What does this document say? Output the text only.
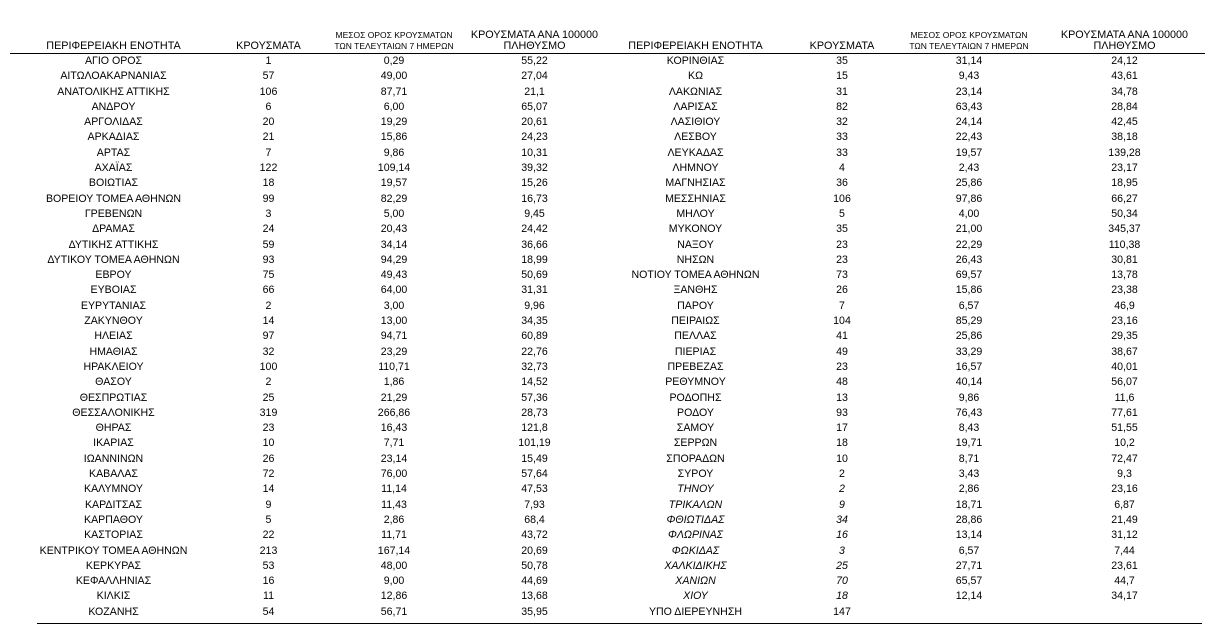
ΠΕΡΙΦΕΡΕΙΑΚΗ ΕΝΟΤΗΤΑ	ΚΡΟΥΣΜΑΤΑ	ΜΕΣΟΣ ΟΡΟΣ ΚΡΟΥΣΜΑΤΩΝ
ΤΩΝ ΤΕΛΕΥΤΑΙΩΝ 7 ΗΜΕΡΩΝ	ΚΡΟΥΣΜΑΤΑ ΑΝΑ 100000
ΠΛΗΘΥΣΜΟ	ΠΕΡΙΦΕΡΕΙΑΚΗ ΕΝΟΤΗΤΑ	ΚΡΟΥΣΜΑΤΑ	ΜΕΣΟΣ ΟΡΟΣ ΚΡΟΥΣΜΑΤΩΝ
ΤΩΝ ΤΕΛΕΥΤΑΙΩΝ 7 ΗΜΕΡΩΝ	ΚΡΟΥΣΜΑΤΑ ΑΝΑ 100000
ΠΛΗΘΥΣΜΟ

ΑΓΙΟ ΟΡΟΣ	1	0,29	55,22	ΚΟΡΙΝΘΙΑΣ	35	31,14	24,12
ΑΙΤΩΛΟΑΚΑΡΝΑΝΙΑΣ	57	49,00	27,04	ΚΩ	15	9,43	43,61
ΑΝΑΤΟΛΙΚΗΣ ΑΤΤΙΚΗΣ	106	87,71	21,1	ΛΑΚΩΝΙΑΣ	31	23,14	34,78
ΑΝΔΡΟΥ	6	6,00	65,07	ΛΑΡΙΣΑΣ	82	63,43	28,84
ΑΡΓΟΛΙΔΑΣ	20	19,29	20,61	ΛΑΣΙΘΙΟΥ	32	24,14	42,45
ΑΡΚΑΔΙΑΣ	21	15,86	24,23	ΛΕΣΒΟΥ	33	22,43	38,18
ΑΡΤΑΣ	7	9,86	10,31	ΛΕΥΚΑΔΑΣ	33	19,57	139,28
ΑΧΑΪΑΣ	122	109,14	39,32	ΛΗΜΝΟΥ	4	2,43	23,17
ΒΟΙΩΤΙΑΣ	18	19,57	15,26	ΜΑΓΝΗΣΙΑΣ	36	25,86	18,95
ΒΟΡΕΙΟΥ ΤΟΜΕΑ ΑΘΗΝΩΝ	99	82,29	16,73	ΜΕΣΣΗΝΙΑΣ	106	97,86	66,27
ΓΡΕΒΕΝΩΝ	3	5,00	9,45	ΜΗΛΟΥ	5	4,00	50,34
ΔΡΑΜΑΣ	24	20,43	24,42	ΜΥΚΟΝΟΥ	35	21,00	345,37
ΔΥΤΙΚΗΣ ΑΤΤΙΚΗΣ	59	34,14	36,66	ΝΑΞΟΥ	23	22,29	110,38
ΔΥΤΙΚΟΥ ΤΟΜΕΑ ΑΘΗΝΩΝ	93	94,29	18,99	ΝΗΣΩΝ	23	26,43	30,81
ΕΒΡΟΥ	75	49,43	50,69	ΝΟΤΙΟΥ ΤΟΜΕΑ ΑΘΗΝΩΝ	73	69,57	13,78
ΕΥΒΟΙΑΣ	66	64,00	31,31	ΞΑΝΘΗΣ	26	15,86	23,38
ΕΥΡΥΤΑΝΙΑΣ	2	3,00	9,96	ΠΑΡΟΥ	7	6,57	46,9
ΖΑΚΥΝΘΟΥ	14	13,00	34,35	ΠΕΙΡΑΙΩΣ	104	85,29	23,16
ΗΛΕΙΑΣ	97	94,71	60,89	ΠΕΛΛΑΣ	41	25,86	29,35
ΗΜΑΘΙΑΣ	32	23,29	22,76	ΠΙΕΡΙΑΣ	49	33,29	38,67
ΗΡΑΚΛΕΙΟΥ	100	110,71	32,73	ΠΡΕΒΕΖΑΣ	23	16,57	40,01
ΘΑΣΟΥ	2	1,86	14,52	ΡΕΘΥΜΝΟΥ	48	40,14	56,07
ΘΕΣΠΡΩΤΙΑΣ	25	21,29	57,36	ΡΟΔΟΠΗΣ	13	9,86	11,6
ΘΕΣΣΑΛΟΝΙΚΗΣ	319	266,86	28,73	ΡΟΔΟΥ	93	76,43	77,61
ΘΗΡΑΣ	23	16,43	121,8	ΣΑΜΟΥ	17	8,43	51,55
ΙΚΑΡΙΑΣ	10	7,71	101,19	ΣΕΡΡΩΝ	18	19,71	10,2
ΙΩΑΝΝΙΝΩΝ	26	23,14	15,49	ΣΠΟΡΑΔΩΝ	10	8,71	72,47
ΚΑΒΑΛΑΣ	72	76,00	57,64	ΣΥΡΟΥ	2	3,43	9,3
ΚΑΛΥΜΝΟΥ	14	11,14	47,53	ΤΗΝΟΥ	2	2,86	23,16
ΚΑΡΔΙΤΣΑΣ	9	11,43	7,93	ΤΡΙΚΑΛΩΝ	9	18,71	6,87
ΚΑΡΠΑΘΟΥ	5	2,86	68,4	ΦΘΙΩΤΙΔΑΣ	34	28,86	21,49
ΚΑΣΤΟΡΙΑΣ	22	11,71	43,72	ΦΛΩΡΙΝΑΣ	16	13,14	31,12
ΚΕΝΤΡΙΚΟΥ ΤΟΜΕΑ ΑΘΗΝΩΝ	213	167,14	20,69	ΦΩΚΙΔΑΣ	3	6,57	7,44
ΚΕΡΚΥΡΑΣ	53	48,00	50,78	ΧΑΛΚΙΔΙΚΗΣ	25	27,71	23,61
ΚΕΦΑΛΛΗΝΙΑΣ	16	9,00	44,69	ΧΑΝΙΩΝ	70	65,57	44,7
ΚΙΛΚΙΣ	11	12,86	13,68	ΧΙΟΥ	18	12,14	34,17
ΚΟΖΑΝΗΣ	54	56,71	35,95	ΥΠΟ ΔΙΕΡΕΥΝΗΣΗ	147		
